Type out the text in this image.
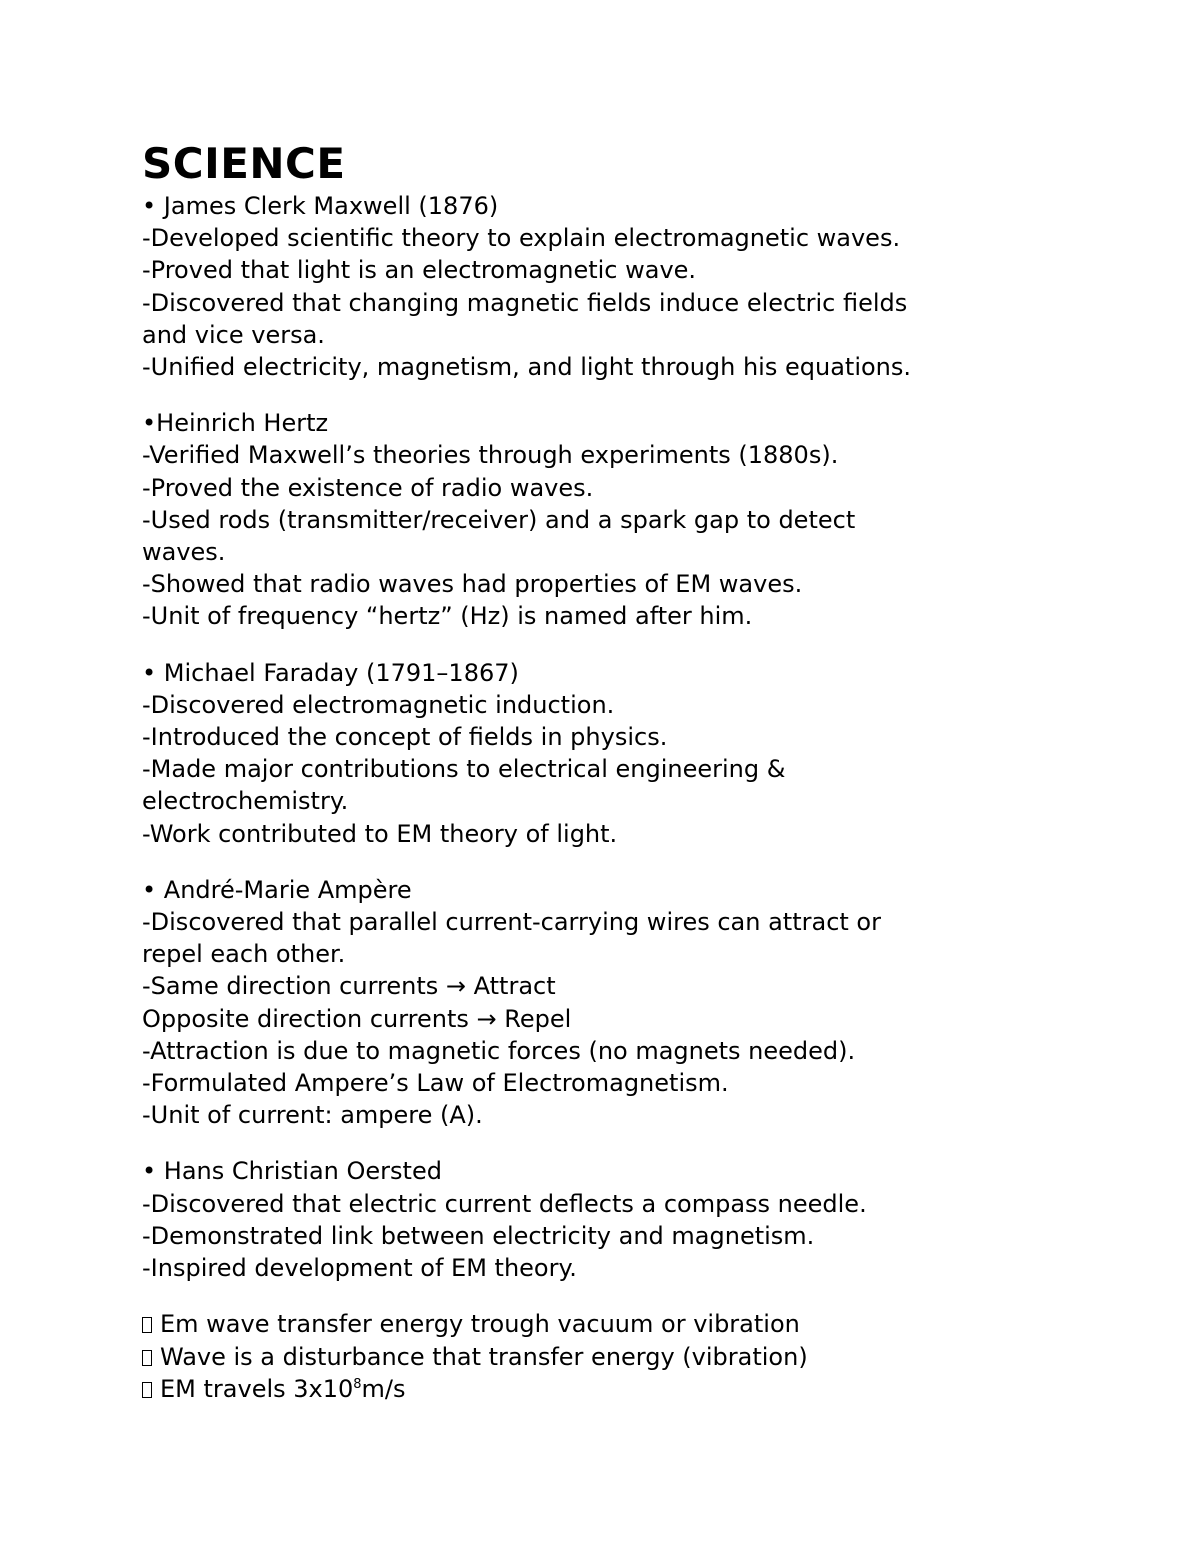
SCIENCE

• James Clerk Maxwell (1876)

-Developed scientific theory to explain electromagnetic waves.

-Proved that light is an electromagnetic wave.

-Discovered that changing magnetic fields induce electric fields

and vice versa.

-Unified electricity, magnetism, and light through his equations.

•Heinrich Hertz

-Verified Maxwell’s theories through experiments (1880s).

-Proved the existence of radio waves.

-Used rods (transmitter/receiver) and a spark gap to detect

waves.

-Showed that radio waves had properties of EM waves.

-Unit of frequency “hertz” (Hz) is named after him.

• Michael Faraday (1791–1867)

-Discovered electromagnetic induction.

-Introduced the concept of fields in physics.

-Made major contributions to electrical engineering &

electrochemistry.

-Work contributed to EM theory of light.

• André-Marie Ampère

-Discovered that parallel current-carrying wires can attract or

repel each other.

-Same direction currents → Attract

Opposite direction currents → Repel

-Attraction is due to magnetic forces (no magnets needed).

-Formulated Ampere’s Law of Electromagnetism.

-Unit of current: ampere (A).

• Hans Christian Oersted

-Discovered that electric current deflects a compass needle.

-Demonstrated link between electricity and magnetism.

-Inspired development of EM theory.

Em wave transfer energy trough vacuum or vibration

Wave is a disturbance that transfer energy (vibration)

EM travels $3x10^8m/s$
